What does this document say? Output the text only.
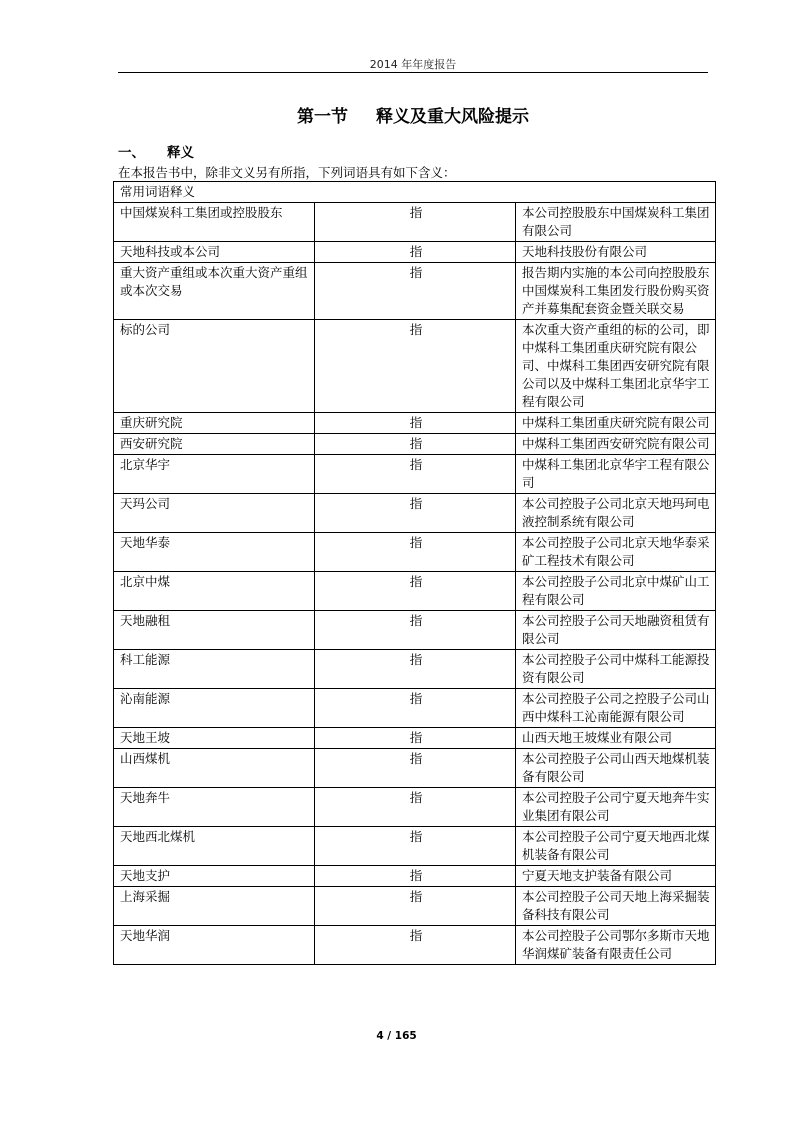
2014 年年度报告
第一节 释义及重大风险提示
一、 释义
在本报告书中，除非文义另有所指，下列词语具有如下含义：
常用词语释义		
中国煤炭科工集团或控股股东	指	本公司控股股东中国煤炭科工集团有限公司
天地科技或本公司	指	天地科技股份有限公司
重大资产重组或本次重大资产重组或本次交易	指	报告期内实施的本公司向控股股东中国煤炭科工集团发行股份购买资产并募集配套资金暨关联交易
标的公司	指	本次重大资产重组的标的公司，即中煤科工集团重庆研究院有限公司、中煤科工集团西安研究院有限公司以及中煤科工集团北京华宇工程有限公司
重庆研究院	指	中煤科工集团重庆研究院有限公司
西安研究院	指	中煤科工集团西安研究院有限公司
北京华宇	指	中煤科工集团北京华宇工程有限公司
天玛公司	指	本公司控股子公司北京天地玛珂电液控制系统有限公司
天地华泰	指	本公司控股子公司北京天地华泰采矿工程技术有限公司
北京中煤	指	本公司控股子公司北京中煤矿山工程有限公司
天地融租	指	本公司控股子公司天地融资租赁有限公司
科工能源	指	本公司控股子公司中煤科工能源投资有限公司
沁南能源	指	本公司控股子公司之控股子公司山西中煤科工沁南能源有限公司
天地王坡	指	山西天地王坡煤业有限公司
山西煤机	指	本公司控股子公司山西天地煤机装备有限公司
天地奔牛	指	本公司控股子公司宁夏天地奔牛实业集团有限公司
天地西北煤机	指	本公司控股子公司宁夏天地西北煤机装备有限公司
天地支护	指	宁夏天地支护装备有限公司
上海采掘	指	本公司控股子公司天地上海采掘装备科技有限公司
天地华润	指	本公司控股子公司鄂尔多斯市天地华润煤矿装备有限责任公司
4 / 165
